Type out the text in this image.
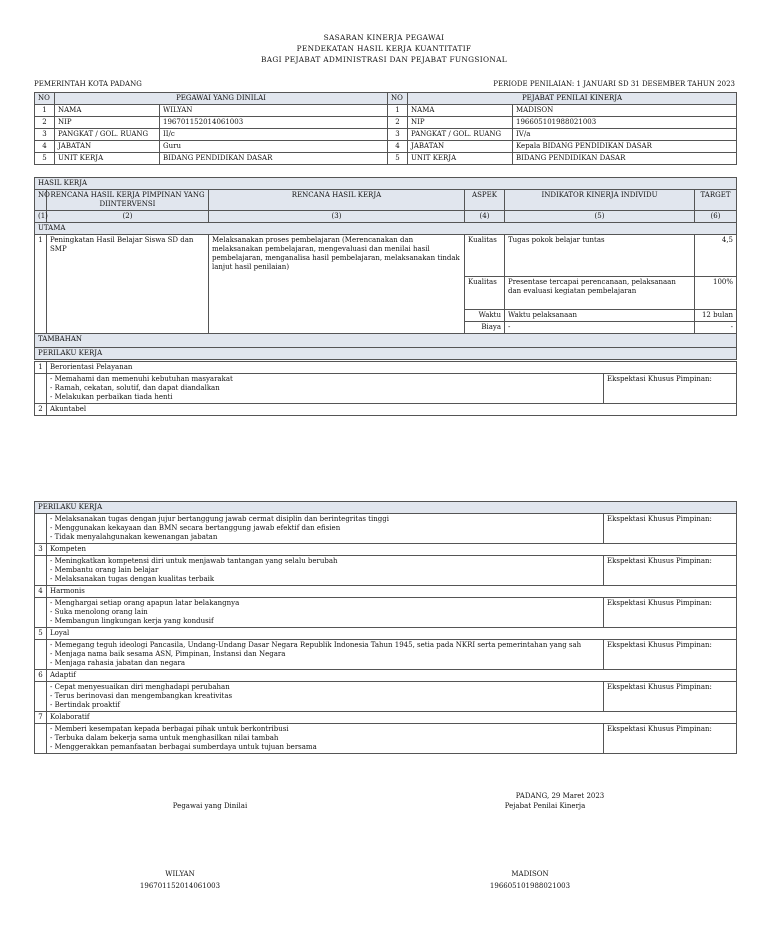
SASARAN KINERJA PEGAWAI
PENDEKATAN HASIL KERJA KUANTITATIF
BAGI PEJABAT ADMINISTRASI DAN PEJABAT FUNGSIONAL
PEMERINTAH KOTA PADANG	PERIODE PENILAIAN: 1 JANUARI SD 31 DESEMBER TAHUN 2023
NO	PEGAWAI YANG DINILAI		NO	PEJABAT PENILAI KINERJA	
1	NAMA	WILYAN	1	NAMA	MADISON
2	NIP	196701152014061003	2	NIP	196605101988021003
3	PANGKAT / GOL. RUANG	II/c	3	PANGKAT / GOL. RUANG	IV/a
4	JABATAN	Guru	4	JABATAN	Kepala BIDANG PENDIDIKAN DASAR
5	UNIT KERJA	BIDANG PENDIDIKAN DASAR	5	UNIT KERJA	BIDANG PENDIDIKAN DASAR
HASIL KERJA					
NO	RENCANA HASIL KERJA PIMPINAN YANG DIINTERVENSI	RENCANA HASIL KERJA	ASPEK	INDIKATOR KINERJA INDIVIDU	TARGET
(1)	(2)	(3)	(4)	(5)	(6)
UTAMA					
1	Peningkatan Hasil Belajar Siswa SD dan SMP	Melaksanakan proses pembelajaran (Merencanakan dan melaksanakan pembelajaran, mengevaluasi dan menilai hasil pembelajaran, menganalisa hasil pembelajaran, melaksanakan tindak lanjut hasil penilaian)	Kualitas	Tugas pokok belajar tuntas	4,5
			Kualitas	Presentase tercapai perencanaan, pelaksanaan dan evaluasi kegiatan pembelajaran	100%
			Waktu	Waktu pelaksanaan	12 bulan
			Biaya	-	-
TAMBAHAN					
PERILAKU KERJA					
1	Berorientasi Pelayanan	

	- Memahami dan memenuhi kebutuhan masyarakat
- Ramah, cekatan, solutif, dan dapat diandalkan
- Melakukan perbaikan tiada henti	Ekspektasi Khusus Pimpinan:
2	Akuntabel	
PERILAKU KERJA		

	- Melaksanakan tugas dengan jujur bertanggung jawab cermat disiplin dan berintegritas tinggi
- Menggunakan kekayaan dan BMN secara bertanggung jawab efektif dan efisien
- Tidak menyalahgunakan kewenangan jabatan	Ekspektasi Khusus Pimpinan:
3	Kompeten	

	- Meningkatkan kompetensi diri untuk menjawab tantangan yang selalu berubah
- Membantu orang lain belajar
- Melaksanakan tugas dengan kualitas terbaik	Ekspektasi Khusus Pimpinan:
4	Harmonis	

	- Menghargai setiap orang apapun latar belakangnya
- Suka menolong orang lain
- Membangun lingkungan kerja yang kondusif	Ekspektasi Khusus Pimpinan:
5	Loyal	

	- Memegang teguh ideologi Pancasila, Undang-Undang Dasar Negara Republik Indonesia Tahun 1945, setia pada NKRI serta pemerintahan yang sah
- Menjaga nama baik sesama ASN, Pimpinan, Instansi dan Negara
- Menjaga rahasia jabatan dan negara	Ekspektasi Khusus Pimpinan:
6	Adaptif	

	- Cepat menyesuaikan diri menghadapi perubahan
- Terus berinovasi dan mengembangkan kreativitas
- Bertindak proaktif	Ekspektasi Khusus Pimpinan:
7	Kolaboratif	

	- Memberi kesempatan kepada berbagai pihak untuk berkontribusi
- Terbuka dalam bekerja sama untuk menghasilkan nilai tambah
- Menggerakkan pemanfaatan berbagai sumberdaya untuk tujuan bersama	Ekspektasi Khusus Pimpinan:
PADANG, 29 Maret 2023
Pegawai yang Dinilai	Pejabat Penilai Kinerja
WILYAN
196701152014061003
MADISON
196605101988021003
